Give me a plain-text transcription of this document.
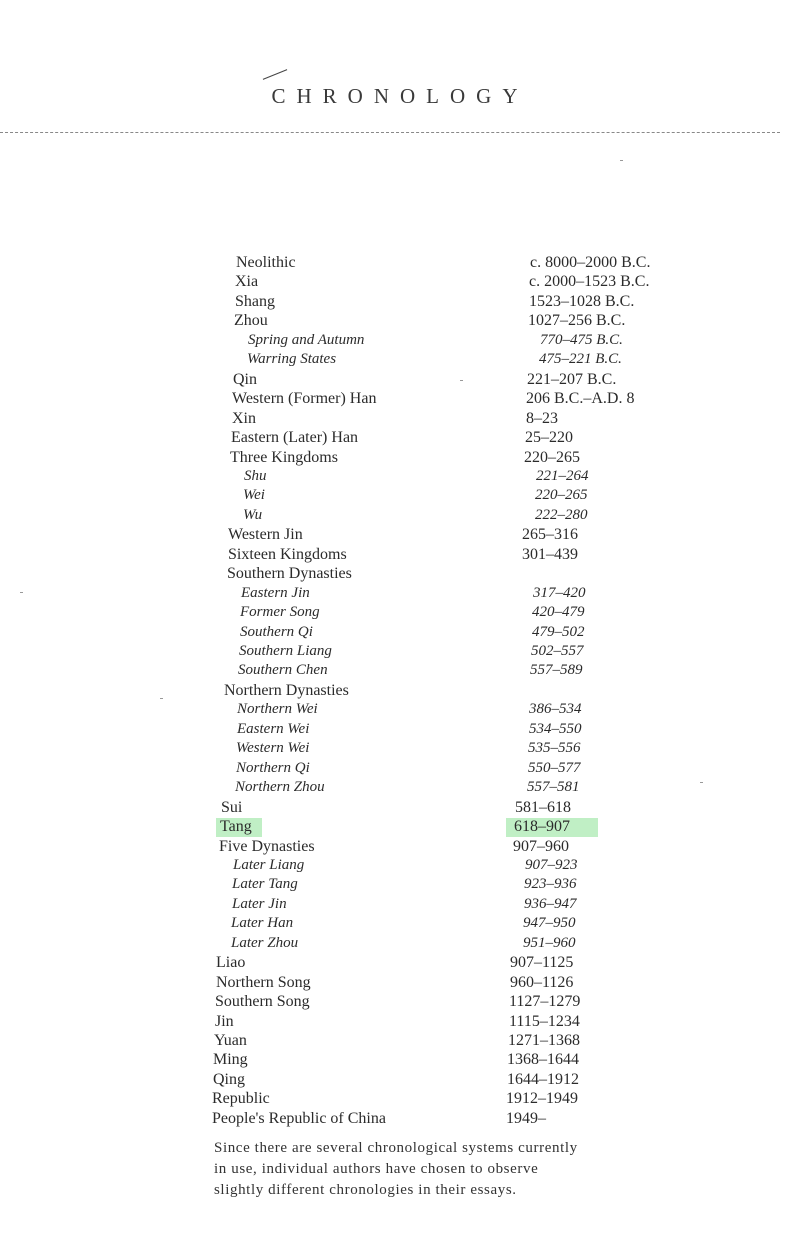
CHRONOLOGY
Neolithic	c. 8000–2000 B.C.
Xia	c. 2000–1523 B.C.
Shang	1523–1028 B.C.
Zhou	1027–256 B.C.
Spring and Autumn	770–475 B.C.
Warring States	475–221 B.C.
Qin	221–207 B.C.
Western (Former) Han	206 B.C.–A.D. 8
Xin	8–23
Eastern (Later) Han	25–220
Three Kingdoms	220–265
Shu	221–264
Wei	220–265
Wu	222–280
Western Jin	265–316
Sixteen Kingdoms	301–439
Southern Dynasties
Eastern Jin	317–420
Former Song	420–479
Southern Qi	479–502
Southern Liang	502–557
Southern Chen	557–589
Northern Dynasties
Northern Wei	386–534
Eastern Wei	534–550
Western Wei	535–556
Northern Qi	550–577
Northern Zhou	557–581
Sui	581–618
Tang	618–907
Five Dynasties	907–960
Later Liang	907–923
Later Tang	923–936
Later Jin	936–947
Later Han	947–950
Later Zhou	951–960
Liao	907–1125
Northern Song	960–1126
Southern Song	1127–1279
Jin	1115–1234
Yuan	1271–1368
Ming	1368–1644
Qing	1644–1912
Republic	1912–1949
People's Republic of China	1949–
Since there are several chronological systems currently
in use, individual authors have chosen to observe
slightly different chronologies in their essays.
